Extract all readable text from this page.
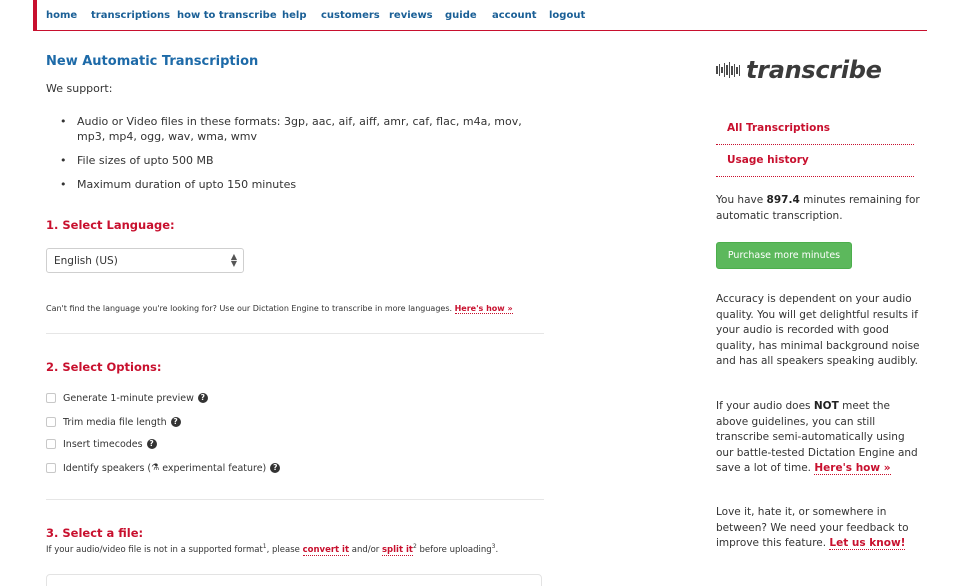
home transcriptions how to transcribe help customers reviews guide account logout
New Automatic Transcription
We support:
• Audio or Video files in these formats: 3gp, aac, aif, aiff, amr, caf, flac, m4a, mov, mp3, mp4, ogg, wav, wma, wmv
• File sizes of upto 500 MB
• Maximum duration of upto 150 minutes
1. Select Language:
English (US)	▲
▼
Can't find the language you're looking for? Use our Dictation Engine to transcribe in more languages. Here's how »
2. Select Options:
Generate 1-minute preview ?
Trim media file length ?
Insert timecodes ?
Identify speakers ( ⚗ experimental feature) ?
3. Select a file:
If your audio/video file is not in a supported format$^1$, please convert it and/or split $it^2$ before uploading$^3$.
transcribe
All Transcriptions
Usage history
You have 897.4 minutes remaining for automatic transcription.
Purchase more minutes
Accuracy is dependent on your audio quality. You will get delightful results if your audio is recorded with good quality, has minimal background noise and has all speakers speaking audibly.
If your audio does NOT meet the above guidelines, you can still transcribe semi-automatically using our battle-tested Dictation Engine and save a lot of time. Here's how »
Love it, hate it, or somewhere in between? We need your feedback to improve this feature. Let us know!
